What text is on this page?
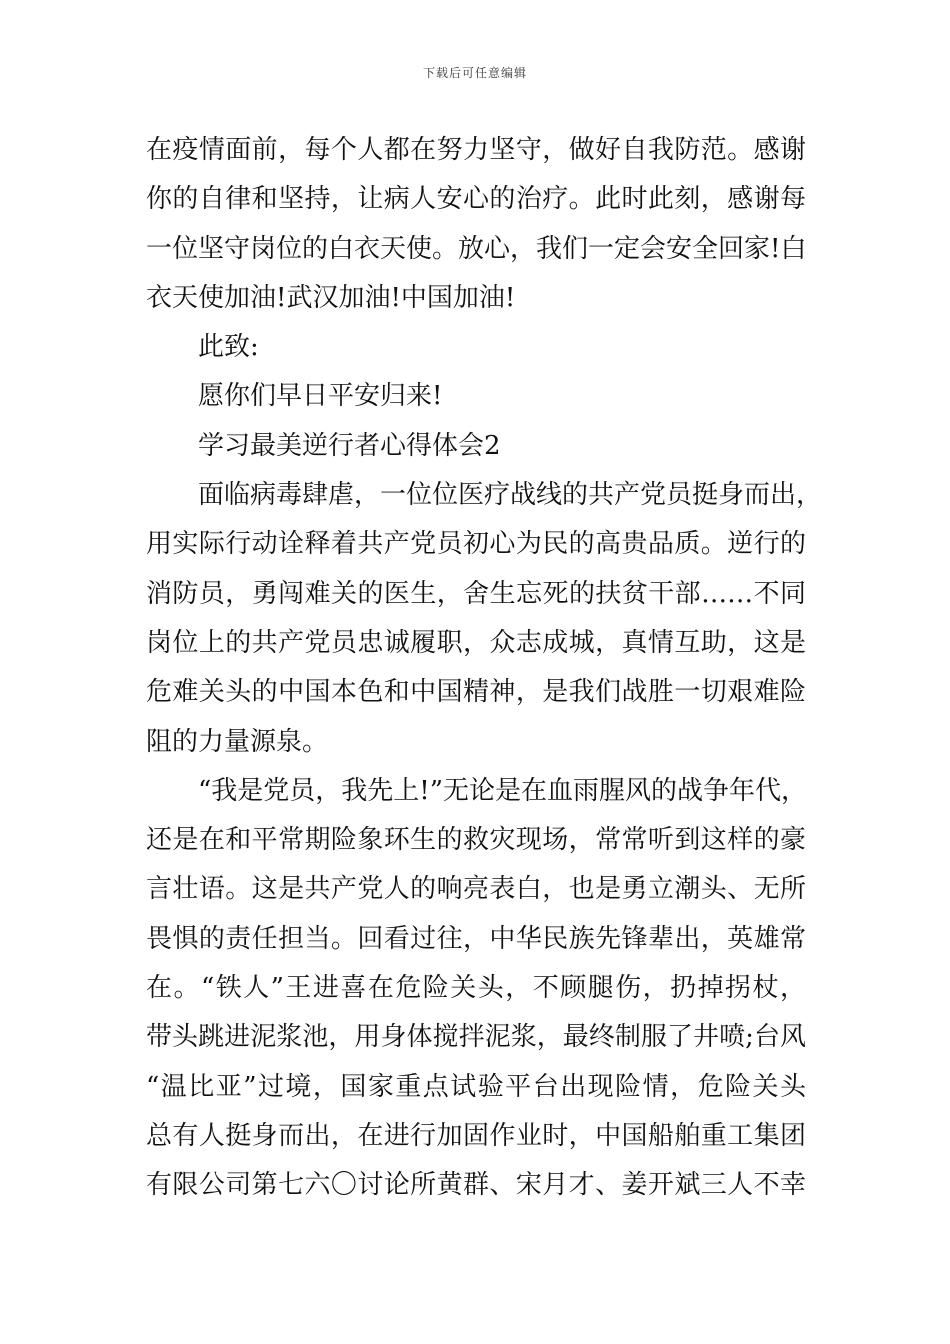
下载后可任意编辑
在疫情面前，每个人都在努力坚守，做好自我防范。感谢
你的自律和坚持，让病人安心的治疗。此时此刻，感谢每
一位坚守岗位的白衣天使。放心，我们一定会安全回家!白
衣天使加油!武汉加油!中国加油!
此致:
愿你们早日平安归来!
学习最美逆行者心得体会2
面临病毒肆虐，一位位医疗战线的共产党员挺身而出，
用实际行动诠释着共产党员初心为民的高贵品质。逆行的
消防员，勇闯难关的医生，舍生忘死的扶贫干部……不同
岗位上的共产党员忠诚履职，众志成城，真情互助，这是
危难关头的中国本色和中国精神，是我们战胜一切艰难险
阻的力量源泉。
“我是党员，我先上!”无论是在血雨腥风的战争年代，
还是在和平常期险象环生的救灾现场，常常听到这样的豪
言壮语。这是共产党人的响亮表白，也是勇立潮头、无所
畏惧的责任担当。回看过往，中华民族先锋辈出，英雄常
在。“铁人”王进喜在危险关头，不顾腿伤，扔掉拐杖，
带头跳进泥浆池，用身体搅拌泥浆，最终制服了井喷;台风
“温比亚”过境，国家重点试验平台出现险情，危险关头
总有人挺身而出，在进行加固作业时，中国船舶重工集团
有限公司第七六〇讨论所黄群、宋月才、姜开斌三人不幸
